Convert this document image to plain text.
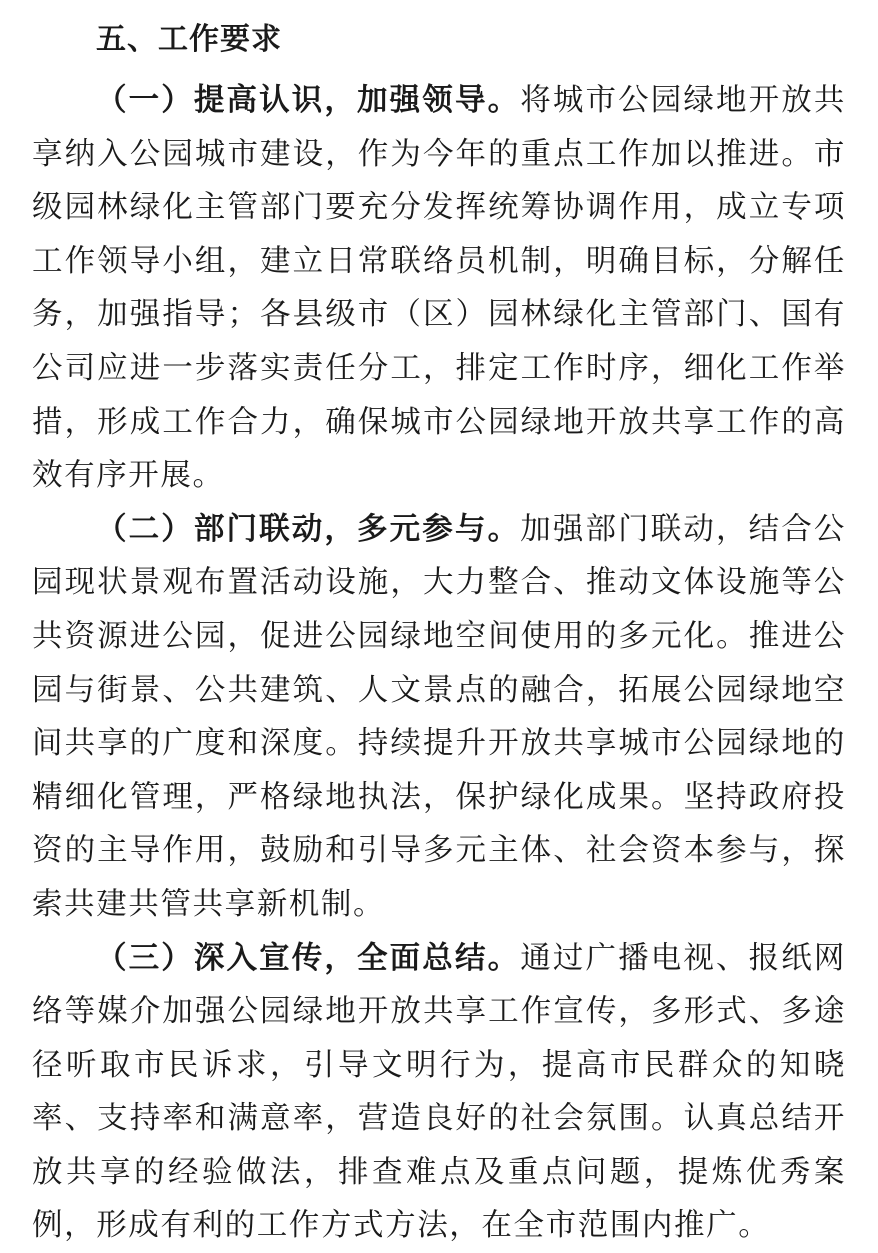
五、工作要求

（一）提高认识，加强领导。将城市公园绿地开放共享纳入公园城市建设，作为今年的重点工作加以推进。市级园林绿化主管部门要充分发挥统筹协调作用，成立专项工作领导小组，建立日常联络员机制，明确目标，分解任务，加强指导；各县级市（区）园林绿化主管部门、国有公司应进一步落实责任分工，排定工作时序，细化工作举措，形成工作合力，确保城市公园绿地开放共享工作的高效有序开展。

（二）部门联动，多元参与。加强部门联动，结合公园现状景观布置活动设施，大力整合、推动文体设施等公共资源进公园，促进公园绿地空间使用的多元化。推进公园与街景、公共建筑、人文景点的融合，拓展公园绿地空间共享的广度和深度。持续提升开放共享城市公园绿地的精细化管理，严格绿地执法，保护绿化成果。坚持政府投资的主导作用，鼓励和引导多元主体、社会资本参与，探索共建共管共享新机制。

（三）深入宣传，全面总结。通过广播电视、报纸网络等媒介加强公园绿地开放共享工作宣传，多形式、多途径听取市民诉求，引导文明行为，提高市民群众的知晓率、支持率和满意率，营造良好的社会氛围。认真总结开放共享的经验做法，排查难点及重点问题，提炼优秀案例，形成有利的工作方式方法，在全市范围内推广。
